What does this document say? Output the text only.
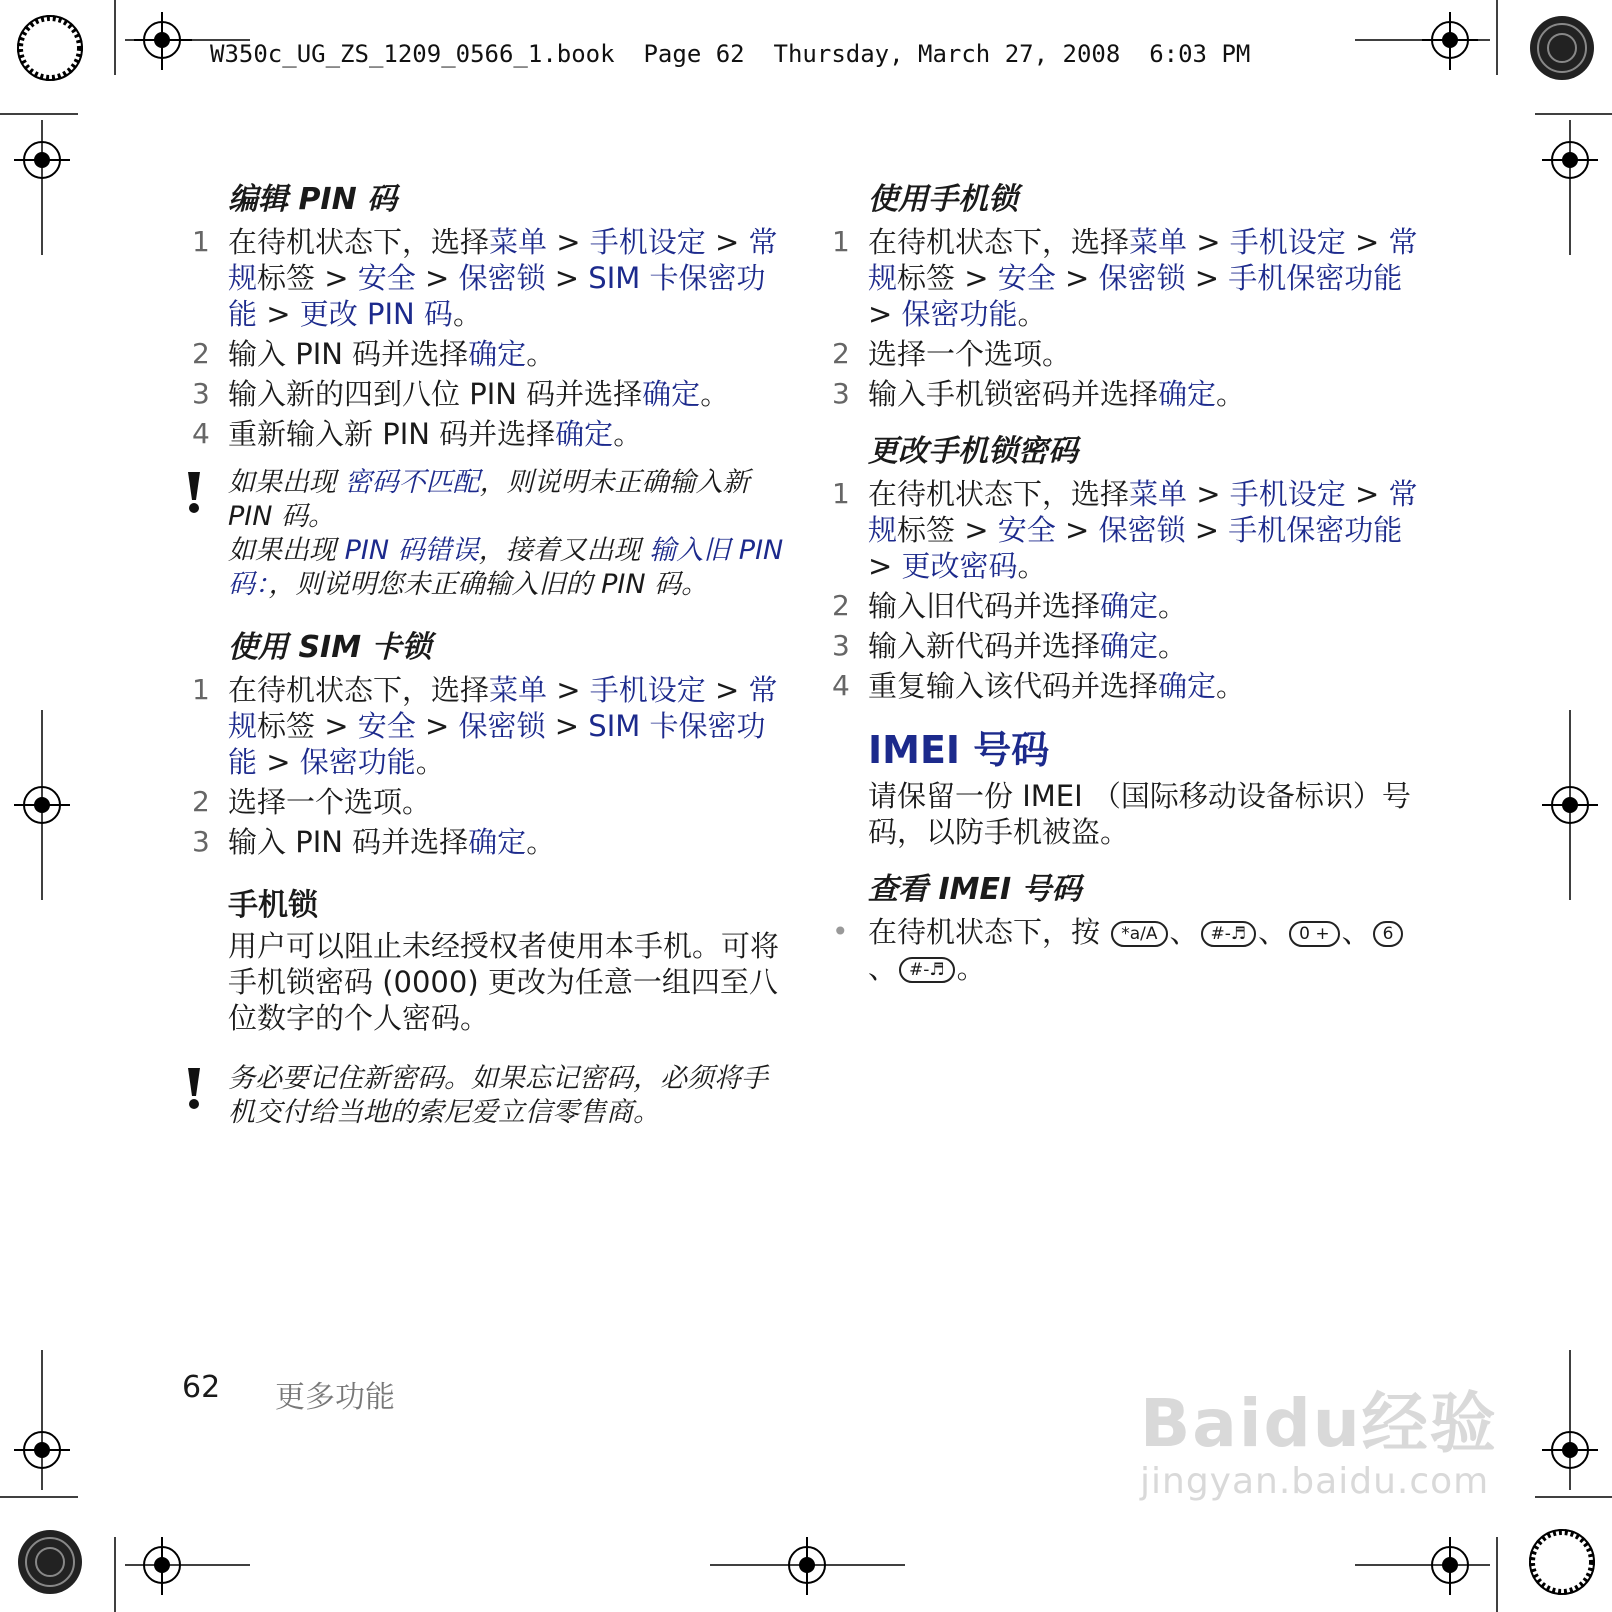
W350c_UG_ZS_1209_0566_1.book  Page 62  Thursday, March 27, 2008  6:03 PM
编辑 PIN 码
1 在待机状态下，选择菜单 > 手机设定 > 常规标签 > 安全 > 保密锁 > SIM 卡保密功能 > 更改 PIN 码。
2 输入 PIN 码并选择确定。
3 输入新的四到八位 PIN 码并选择确定。
4 重新输入新 PIN 码并选择确定。
如果出现 密码不匹配，则说明未正确输入新 PIN 码。
如果出现 PIN 码错误，接着又出现 输入旧 PIN 码：，则说明您未正确输入旧的 PIN 码。
使用 SIM 卡锁
1 在待机状态下，选择菜单 > 手机设定 > 常规标签 > 安全 > 保密锁 > SIM 卡保密功能 > 保密功能。
2 选择一个选项。
3 输入 PIN 码并选择确定。
手机锁
用户可以阻止未经授权者使用本手机。可将手机锁密码 (0000) 更改为任意一组四至八位数字的个人密码。
务必要记住新密码。如果忘记密码，必须将手机交付给当地的索尼爱立信零售商。
使用手机锁
1 在待机状态下，选择菜单 > 手机设定 > 常规标签 > 安全 > 保密锁 > 手机保密功能 > 保密功能。
2 选择一个选项。
3 输入手机锁密码并选择确定。
更改手机锁密码
1 在待机状态下，选择菜单 > 手机设定 > 常规标签 > 安全 > 保密锁 > 手机保密功能 > 更改密码。
2 输入旧代码并选择确定。
3 输入新代码并选择确定。
4 重复输入该代码并选择确定。
IMEI 号码
请保留一份 IMEI （国际移动设备标识）号码，以防手机被盗。
查看 IMEI 号码
• 在待机状态下，按 *a/A 、 #-♬ 、 0 + 、 6、 #-♬ 。
62 更多功能	Baidu经验
jingyan.baidu.com
